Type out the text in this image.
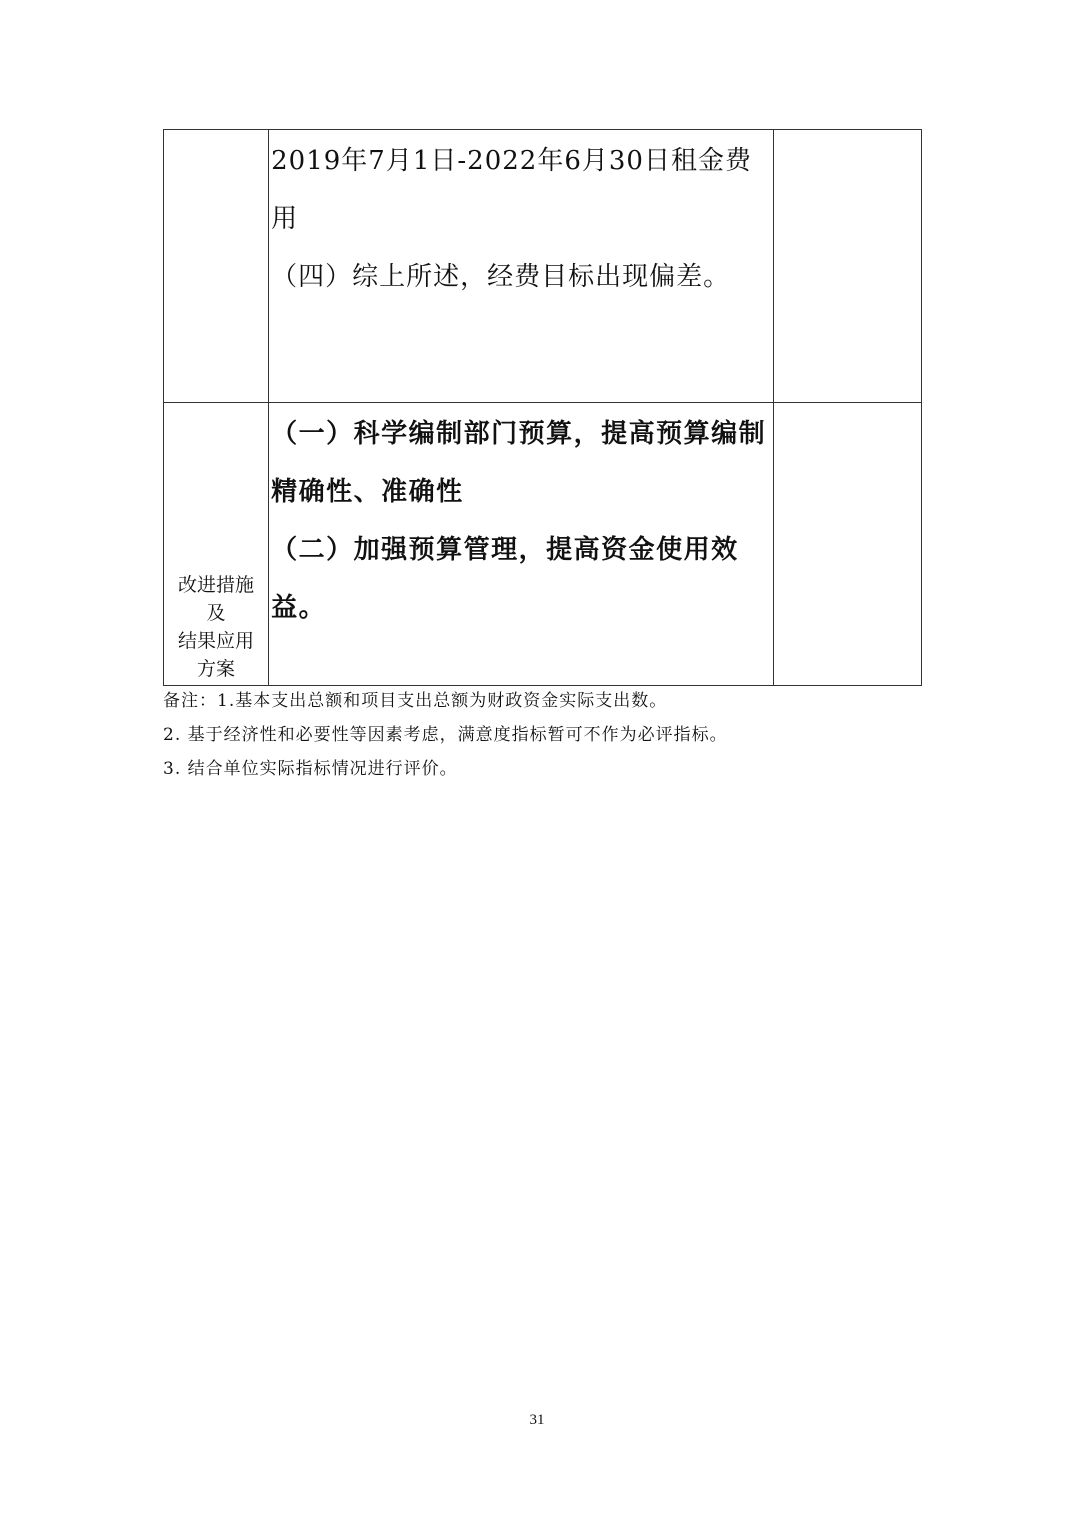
	2019年7月1日-2022年6月30日租金费用
（四）综上所述，经费目标出现偏差。	

改进措施
及
结果应用
方案	（一）科学编制部门预算，提高预算编制精确性、准确性
（二）加强预算管理，提高资金使用效益。	

备注：1.基本支出总额和项目支出总额为财政资金实际支出数。
2. 基于经济性和必要性等因素考虑，满意度指标暂可不作为必评指标。
3. 结合单位实际指标情况进行评价。
31
